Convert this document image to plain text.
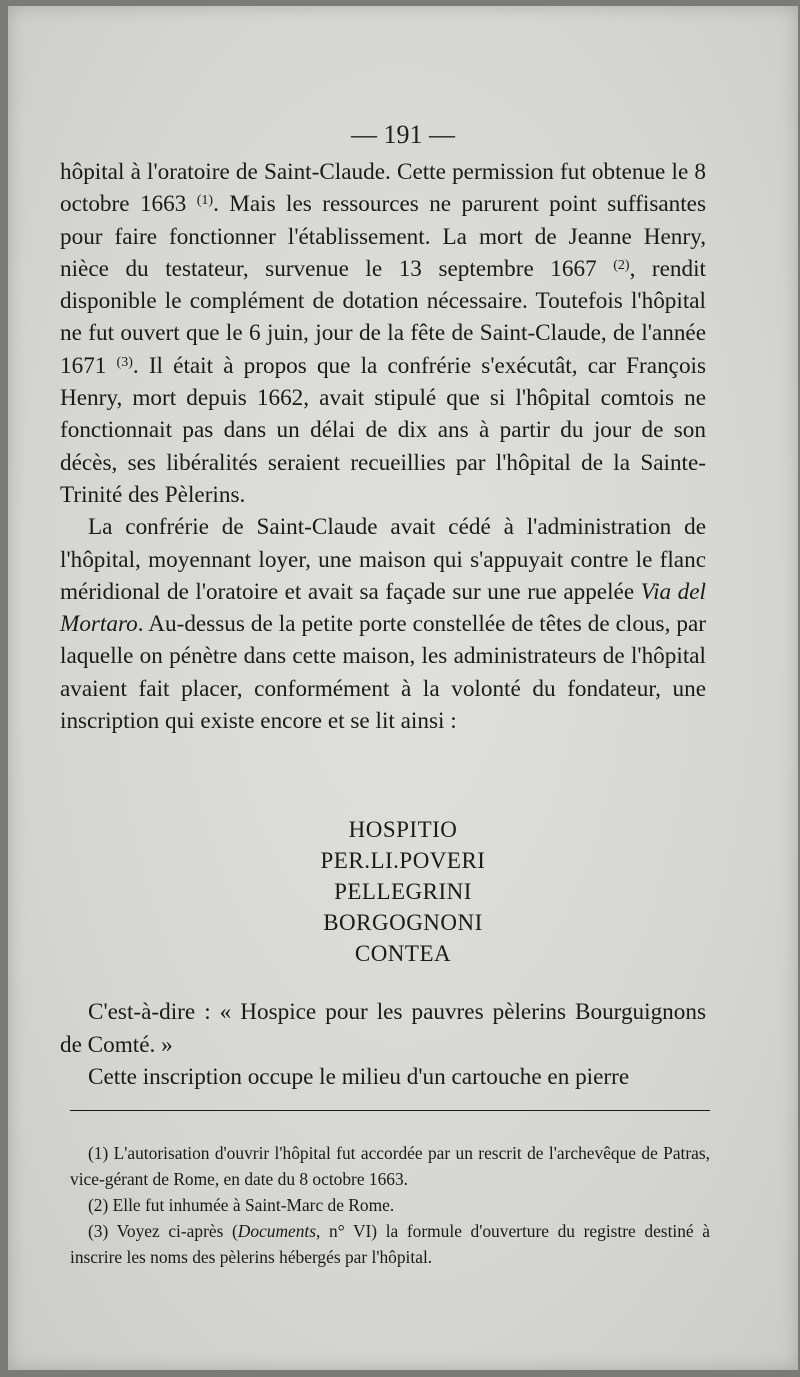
— 191 —

hôpital à l'oratoire de Saint-Claude. Cette permission fut obtenue le 8 octobre 1663 $^{(1)}$. Mais les ressources ne parurent point suffisantes pour faire fonctionner l'établissement. La mort de Jeanne Henry, nièce du testateur, survenue le 13 septembre 1667 $^{(2)}$, rendit disponible le complément de dotation nécessaire. Toutefois l'hôpital ne fut ouvert que le 6 juin, jour de la fête de Saint-Claude, de l'année 1671 $^{(3)}$. Il était à propos que la confrérie s'exécutât, car François Henry, mort depuis 1662, avait stipulé que si l'hôpital comtois ne fonctionnait pas dans un délai de dix ans à partir du jour de son décès, ses libéralités seraient recueillies par l'hôpital de la Sainte-Trinité des Pèlerins.

La confrérie de Saint-Claude avait cédé à l'administration de l'hôpital, moyennant loyer, une maison qui s'appuyait contre le flanc méridional de l'oratoire et avait sa façade sur une rue appelée Via del Mortaro. Au-dessus de la petite porte constellée de têtes de clous, par laquelle on pénètre dans cette maison, les administrateurs de l'hôpital avaient fait placer, conformément à la volonté du fondateur, une inscription qui existe encore et se lit ainsi :

HOSPITIO
PER.LI.POVERI
PELLEGRINI
BORGOGNONI
CONTEA

C'est-à-dire : « Hospice pour les pauvres pèlerins Bourguignons de Comté. »

Cette inscription occupe le milieu d'un cartouche en pierre

(1) L'autorisation d'ouvrir l'hôpital fut accordée par un rescrit de l'archevêque de Patras, vice-gérant de Rome, en date du 8 octobre 1663.

(2) Elle fut inhumée à Saint-Marc de Rome.

(3) Voyez ci-après (Documents, n° VI) la formule d'ouverture du registre destiné à inscrire les noms des pèlerins hébergés par l'hôpital.
